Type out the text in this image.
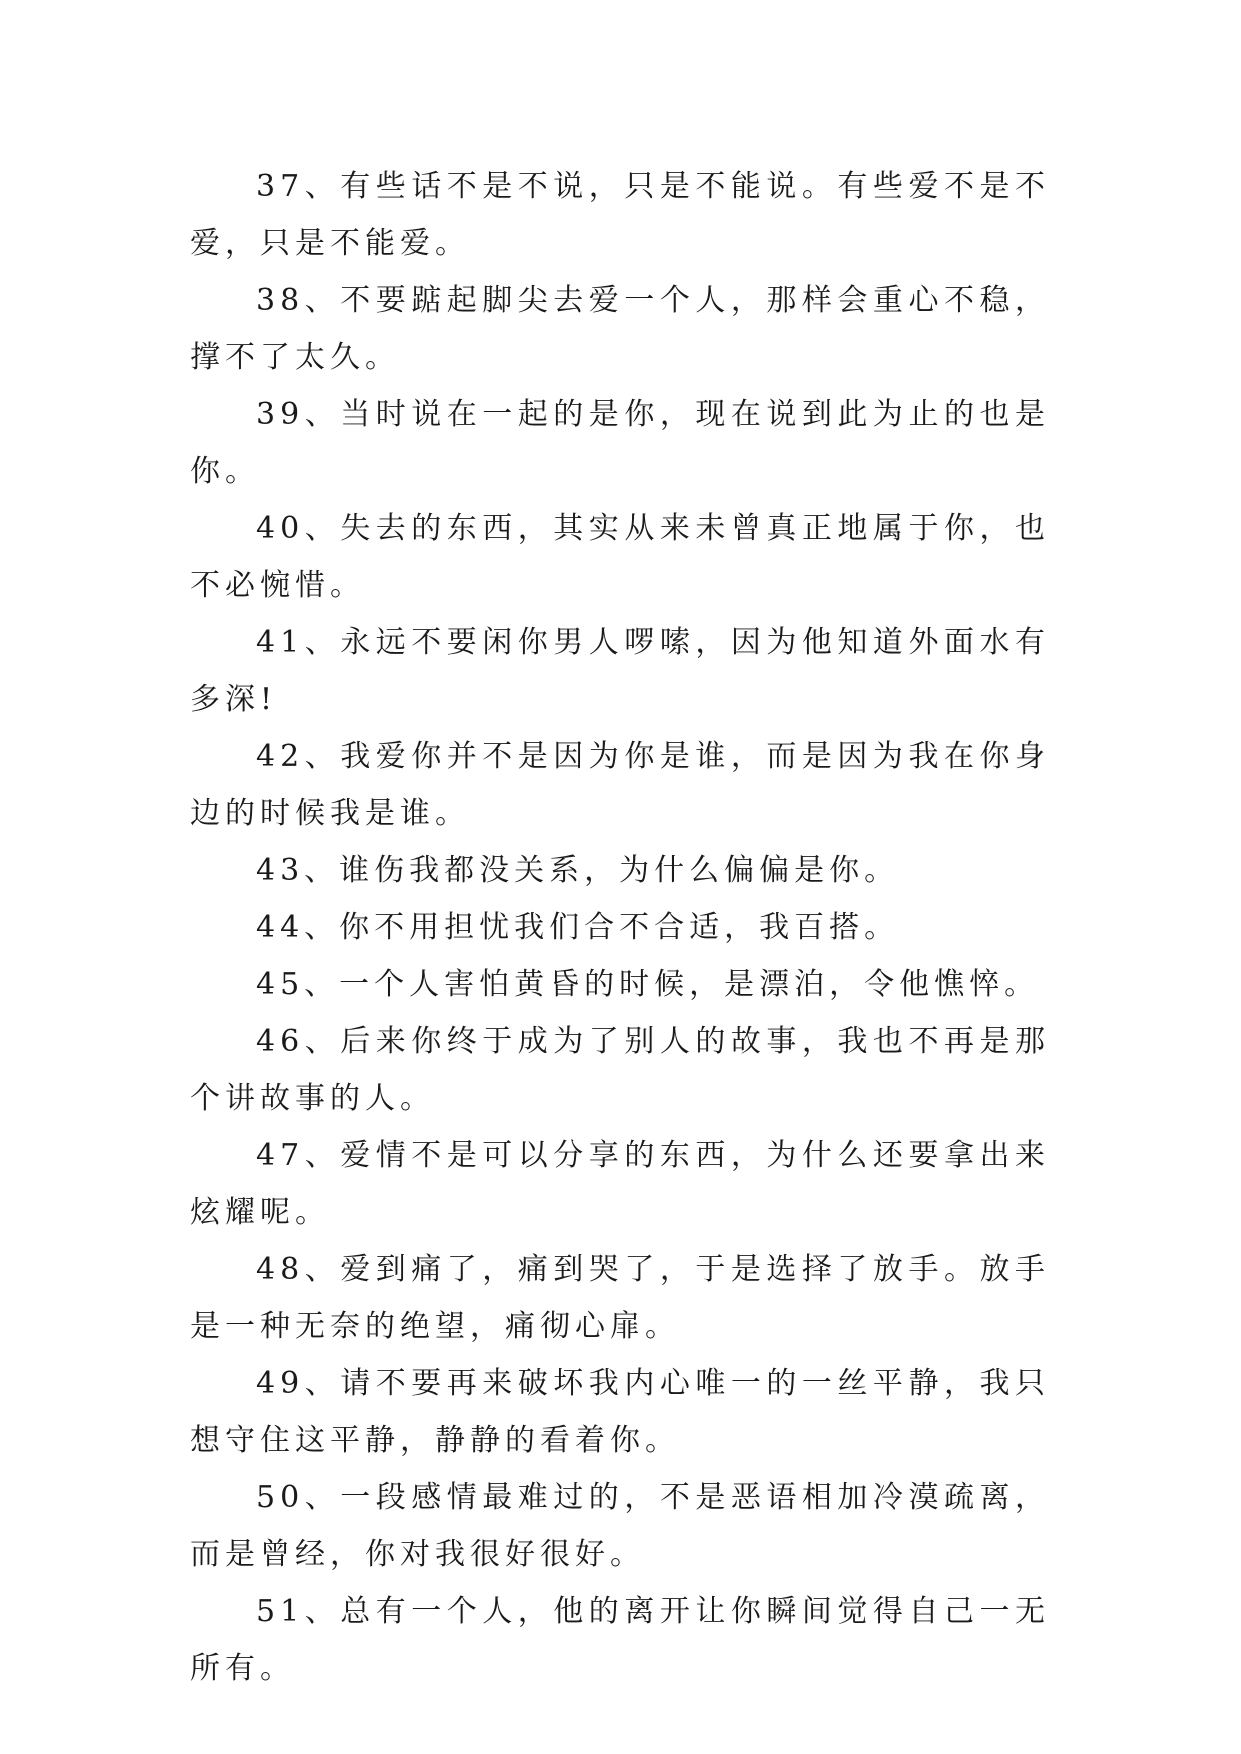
37、有些话不是不说，只是不能说。有些爱不是不爱，只是不能爱。

38、不要踮起脚尖去爱一个人，那样会重心不稳，撑不了太久。

39、当时说在一起的是你，现在说到此为止的也是你。

40、失去的东西，其实从来未曾真正地属于你，也不必惋惜。

41、永远不要闲你男人啰嗦，因为他知道外面水有多深!

42、我爱你并不是因为你是谁，而是因为我在你身边的时候我是谁。

43、谁伤我都没关系，为什么偏偏是你。

44、你不用担忧我们合不合适，我百搭。

45、一个人害怕黄昏的时候，是漂泊，令他憔悴。

46、后来你终于成为了别人的故事，我也不再是那个讲故事的人。

47、爱情不是可以分享的东西，为什么还要拿出来炫耀呢。

48、爱到痛了，痛到哭了，于是选择了放手。放手是一种无奈的绝望，痛彻心扉。

49、请不要再来破坏我内心唯一的一丝平静，我只想守住这平静，静静的看着你。

50、一段感情最难过的，不是恶语相加冷漠疏离，而是曾经，你对我很好很好。

51、总有一个人，他的离开让你瞬间觉得自己一无所有。
